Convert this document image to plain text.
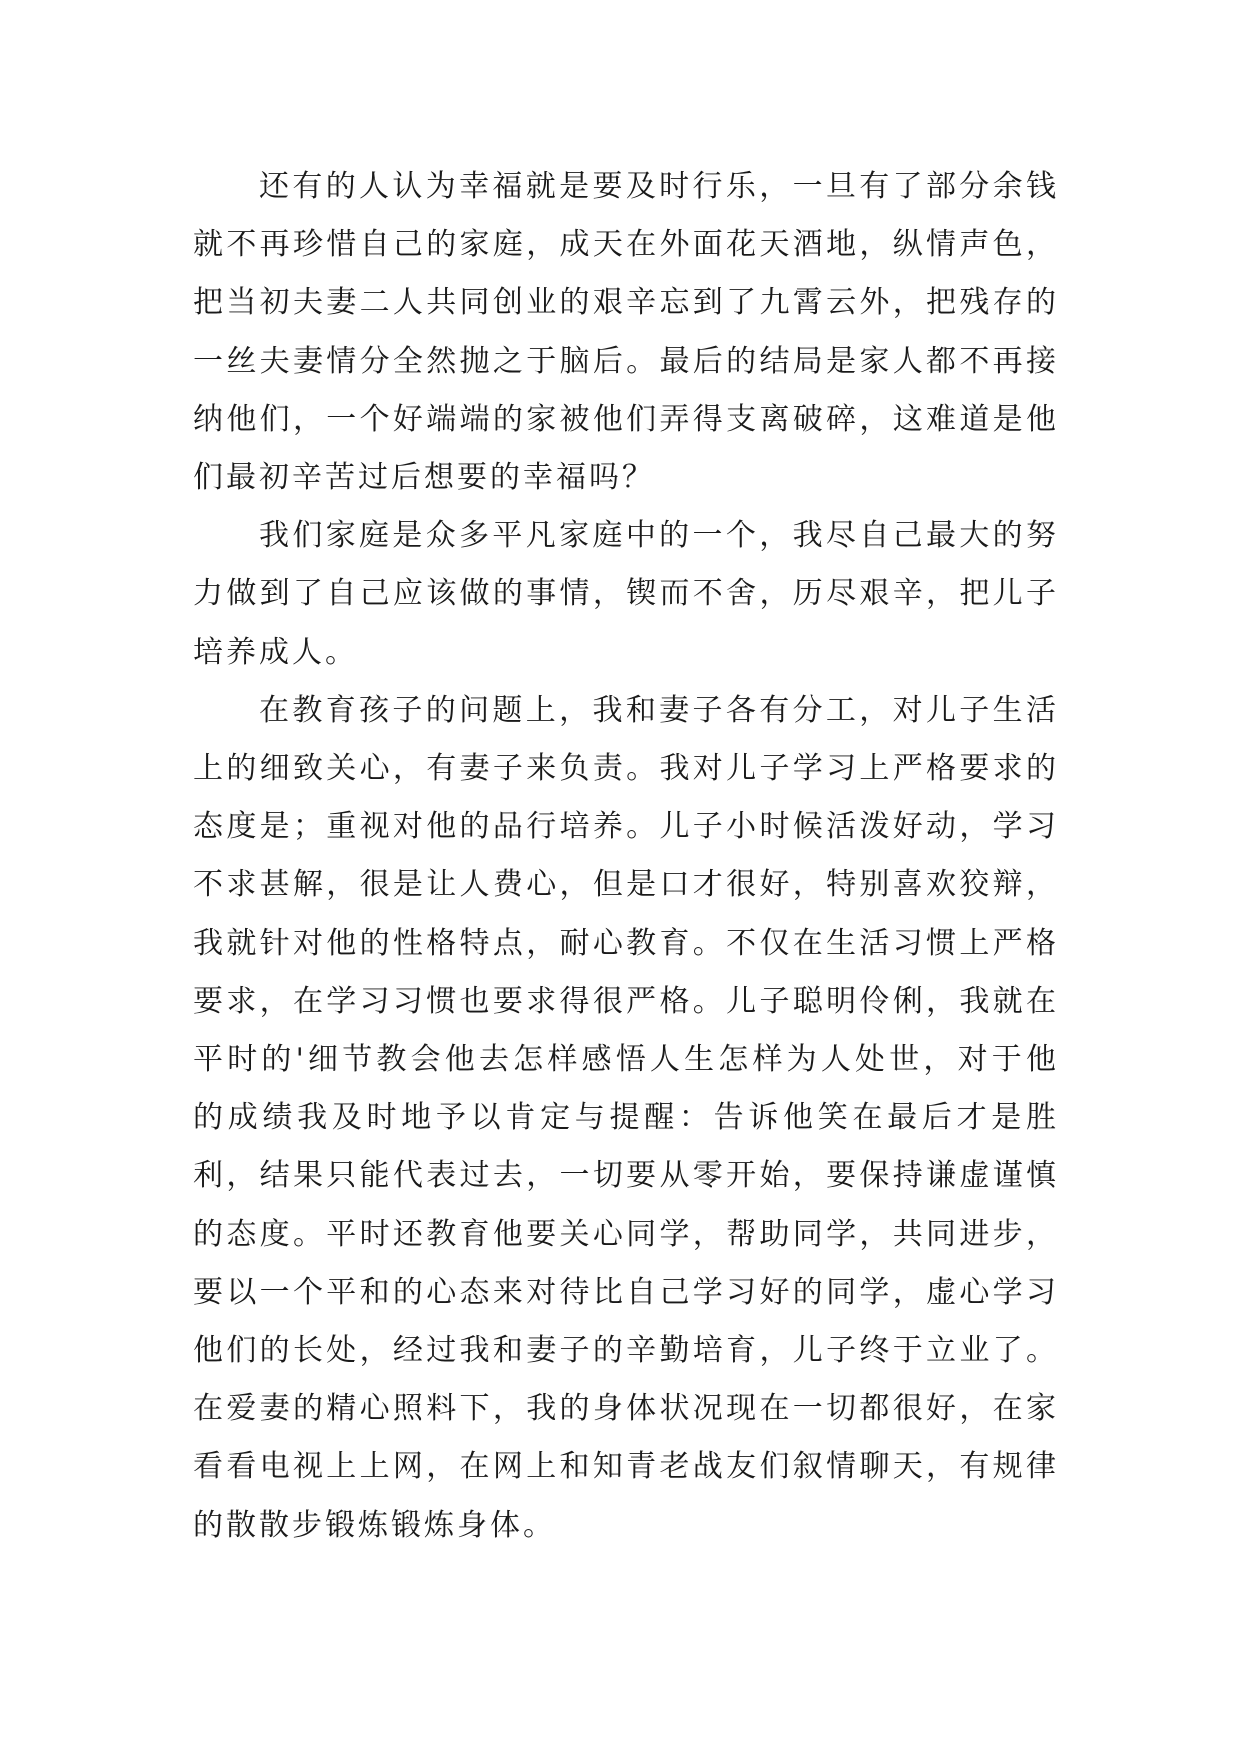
还有的人认为幸福就是要及时行乐，一旦有了部分余钱就不再珍惜自己的家庭，成天在外面花天酒地，纵情声色，把当初夫妻二人共同创业的艰辛忘到了九霄云外，把残存的一丝夫妻情分全然抛之于脑后。最后的结局是家人都不再接纳他们，一个好端端的家被他们弄得支离破碎，这难道是他们最初辛苦过后想要的幸福吗？

我们家庭是众多平凡家庭中的一个，我尽自己最大的努力做到了自己应该做的事情，锲而不舍，历尽艰辛，把儿子培养成人。

在教育孩子的问题上，我和妻子各有分工，对儿子生活上的细致关心，有妻子来负责。我对儿子学习上严格要求的态度是；重视对他的品行培养。儿子小时候活泼好动，学习不求甚解，很是让人费心，但是口才很好，特别喜欢狡辩，我就针对他的性格特点，耐心教育。不仅在生活习惯上严格要求，在学习习惯也要求得很严格。儿子聪明伶俐，我就在平时的'细节教会他去怎样感悟人生怎样为人处世，对于他的成绩我及时地予以肯定与提醒：告诉他笑在最后才是胜利，结果只能代表过去，一切要从零开始，要保持谦虚谨慎的态度。平时还教育他要关心同学，帮助同学，共同进步，要以一个平和的心态来对待比自己学习好的同学，虚心学习他们的长处，经过我和妻子的辛勤培育，儿子终于立业了。在爱妻的精心照料下，我的身体状况现在一切都很好，在家看看电视上上网，在网上和知青老战友们叙情聊天，有规律的散散步锻炼锻炼身体。
